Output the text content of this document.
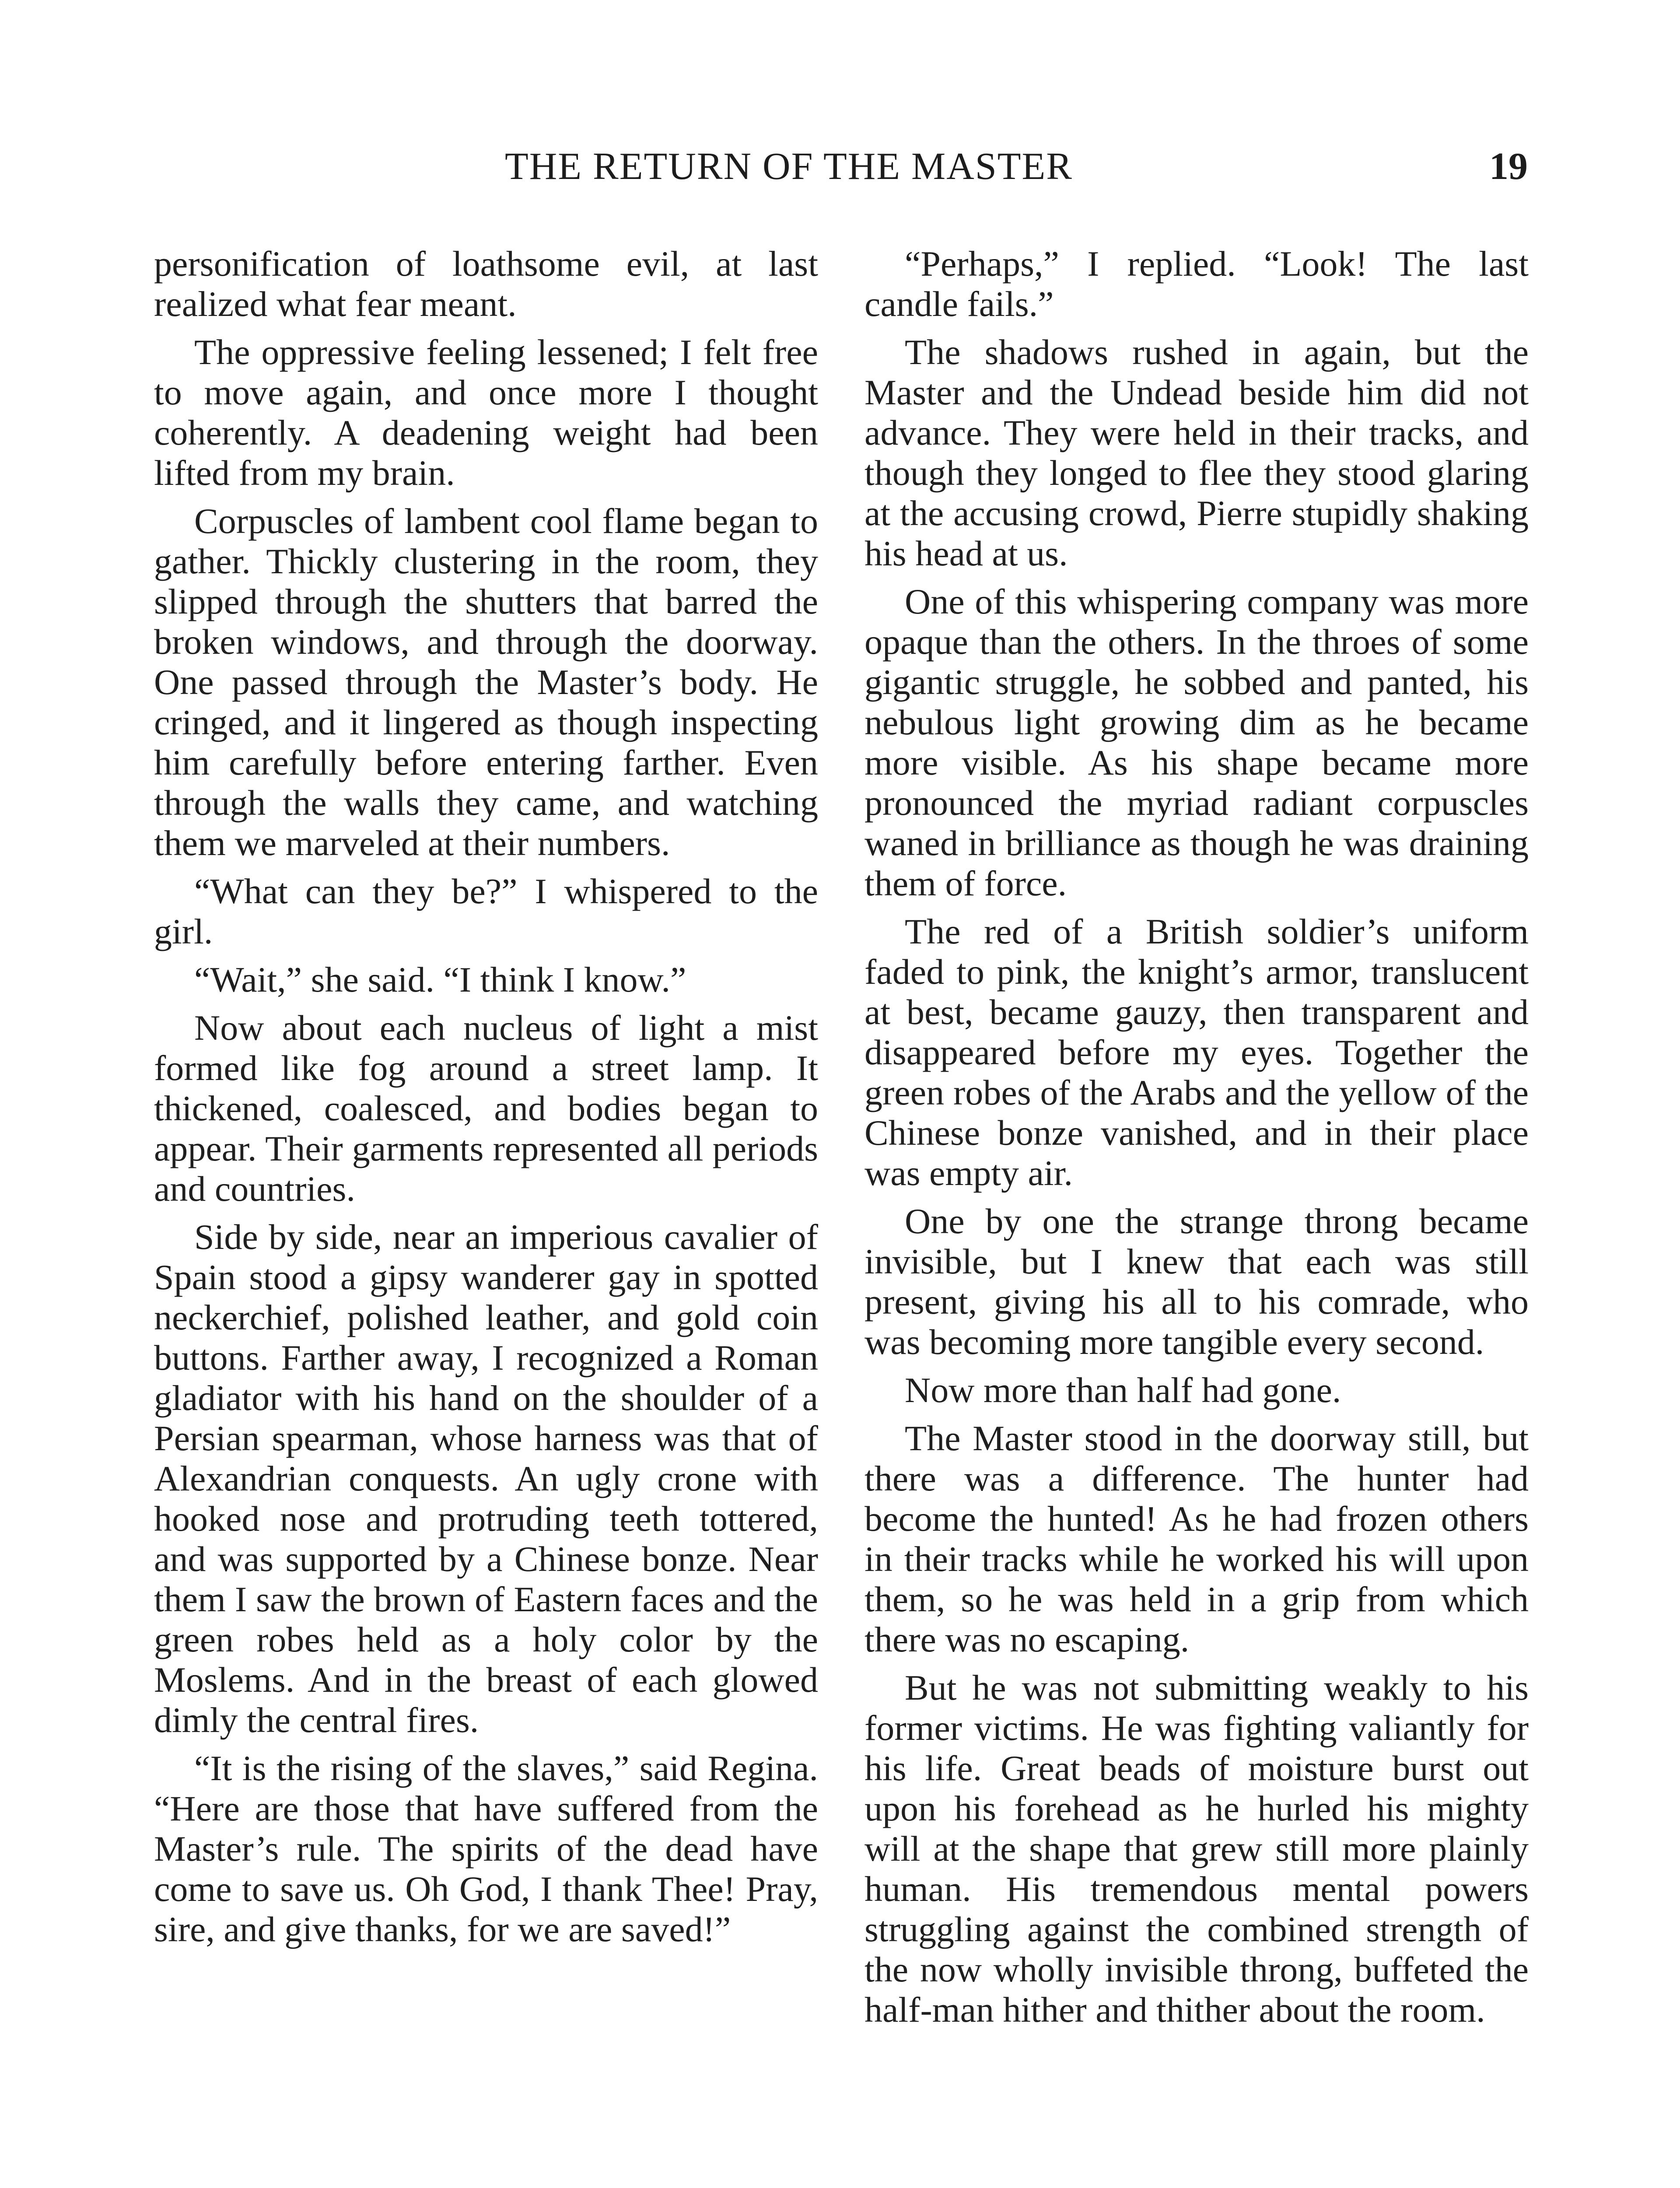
THE RETURN OF THE MASTER	19

personification of loathsome evil, at last realized what fear meant.

The oppressive feeling lessened; I felt free to move again, and once more I thought coherently. A deadening weight had been lifted from my brain.

Corpuscles of lambent cool flame began to gather. Thickly clustering in the room, they slipped through the shutters that barred the broken windows, and through the doorway. One passed through the Master’s body. He cringed, and it lingered as though inspecting him carefully before entering farther. Even through the walls they came, and watching them we marveled at their numbers.

“What can they be?” I whispered to the girl.

“Wait,” she said. “I think I know.”

Now about each nucleus of light a mist formed like fog around a street lamp. It thickened, coalesced, and bodies began to appear. Their garments represented all periods and countries.

Side by side, near an imperious cavalier of Spain stood a gipsy wanderer gay in spotted neckerchief, polished leather, and gold coin buttons. Farther away, I recognized a Roman gladiator with his hand on the shoulder of a Persian spearman, whose harness was that of Alexandrian conquests. An ugly crone with hooked nose and protruding teeth tottered, and was supported by a Chinese bonze. Near them I saw the brown of Eastern faces and the green robes held as a holy color by the Moslems. And in the breast of each glowed dimly the central fires.

“It is the rising of the slaves,” said Regina. “Here are those that have suffered from the Master’s rule. The spirits of the dead have come to save us. Oh God, I thank Thee! Pray, sire, and give thanks, for we are saved!”

“Perhaps,” I replied. “Look! The last candle fails.”

The shadows rushed in again, but the Master and the Undead beside him did not advance. They were held in their tracks, and though they longed to flee they stood glaring at the accusing crowd, Pierre stupidly shaking his head at us.

One of this whispering company was more opaque than the others. In the throes of some gigantic struggle, he sobbed and panted, his nebulous light growing dim as he became more visible. As his shape became more pronounced the myriad radiant corpuscles waned in brilliance as though he was draining them of force.

The red of a British soldier’s uniform faded to pink, the knight’s armor, translucent at best, became gauzy, then transparent and disappeared before my eyes. Together the green robes of the Arabs and the yellow of the Chinese bonze vanished, and in their place was empty air.

One by one the strange throng became invisible, but I knew that each was still present, giving his all to his comrade, who was becoming more tangible every second.

Now more than half had gone.

The Master stood in the doorway still, but there was a difference. The hunter had become the hunted! As he had frozen others in their tracks while he worked his will upon them, so he was held in a grip from which there was no escaping.

But he was not submitting weakly to his former victims. He was fighting valiantly for his life. Great beads of moisture burst out upon his forehead as he hurled his mighty will at the shape that grew still more plainly human. His tremendous mental powers struggling against the combined strength of the now wholly invisible throng, buffeted the half-man hither and thither about the room.
